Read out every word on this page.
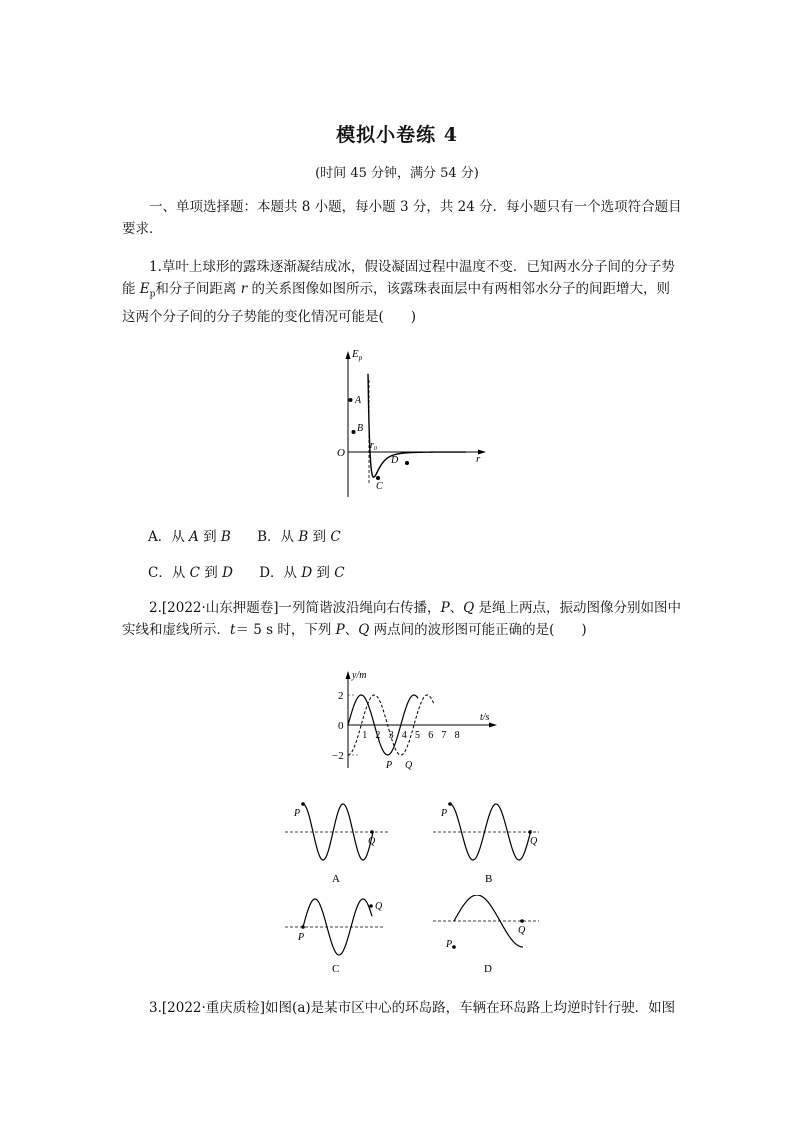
模拟小卷练 4
(时间 45 分钟，满分 54 分)
一、单项选择题：本题共 8 小题，每小题 3 分，共 24 分．每小题只有一个选项符合题目要求．
1.草叶上球形的露珠逐渐凝结成冰，假设凝固过程中温度不变．已知两水分子间的分子势能 $E_p$和分子间距离 r 的关系图像如图所示，该露珠表面层中有两相邻水分子的间距增大，则这两个分子间的分子势能的变化情况可能是(　　)
$E_p$
r
O
$r_0$
A
B
C
D
A．从 A 到 B B．从 B 到 C
C．从 C 到 D D．从 D 到 C
2.[2022·山东押题卷]一列简谐波沿绳向右传播，P、Q 是绳上两点，振动图像分别如图中实线和虚线所示．t＝ 5 s 时，下列 P、Q 两点间的波形图可能正确的是(　　)
y/m
t/s
2
0
−2
1 2 3 4 5 6 7 8
P Q
P
Q
A
P
Q
B
P
Q
C
P
Q
D
3.[2022·重庆质检]如图(a)是某市区中心的环岛路，车辆在环岛路上均逆时针行驶．如图
